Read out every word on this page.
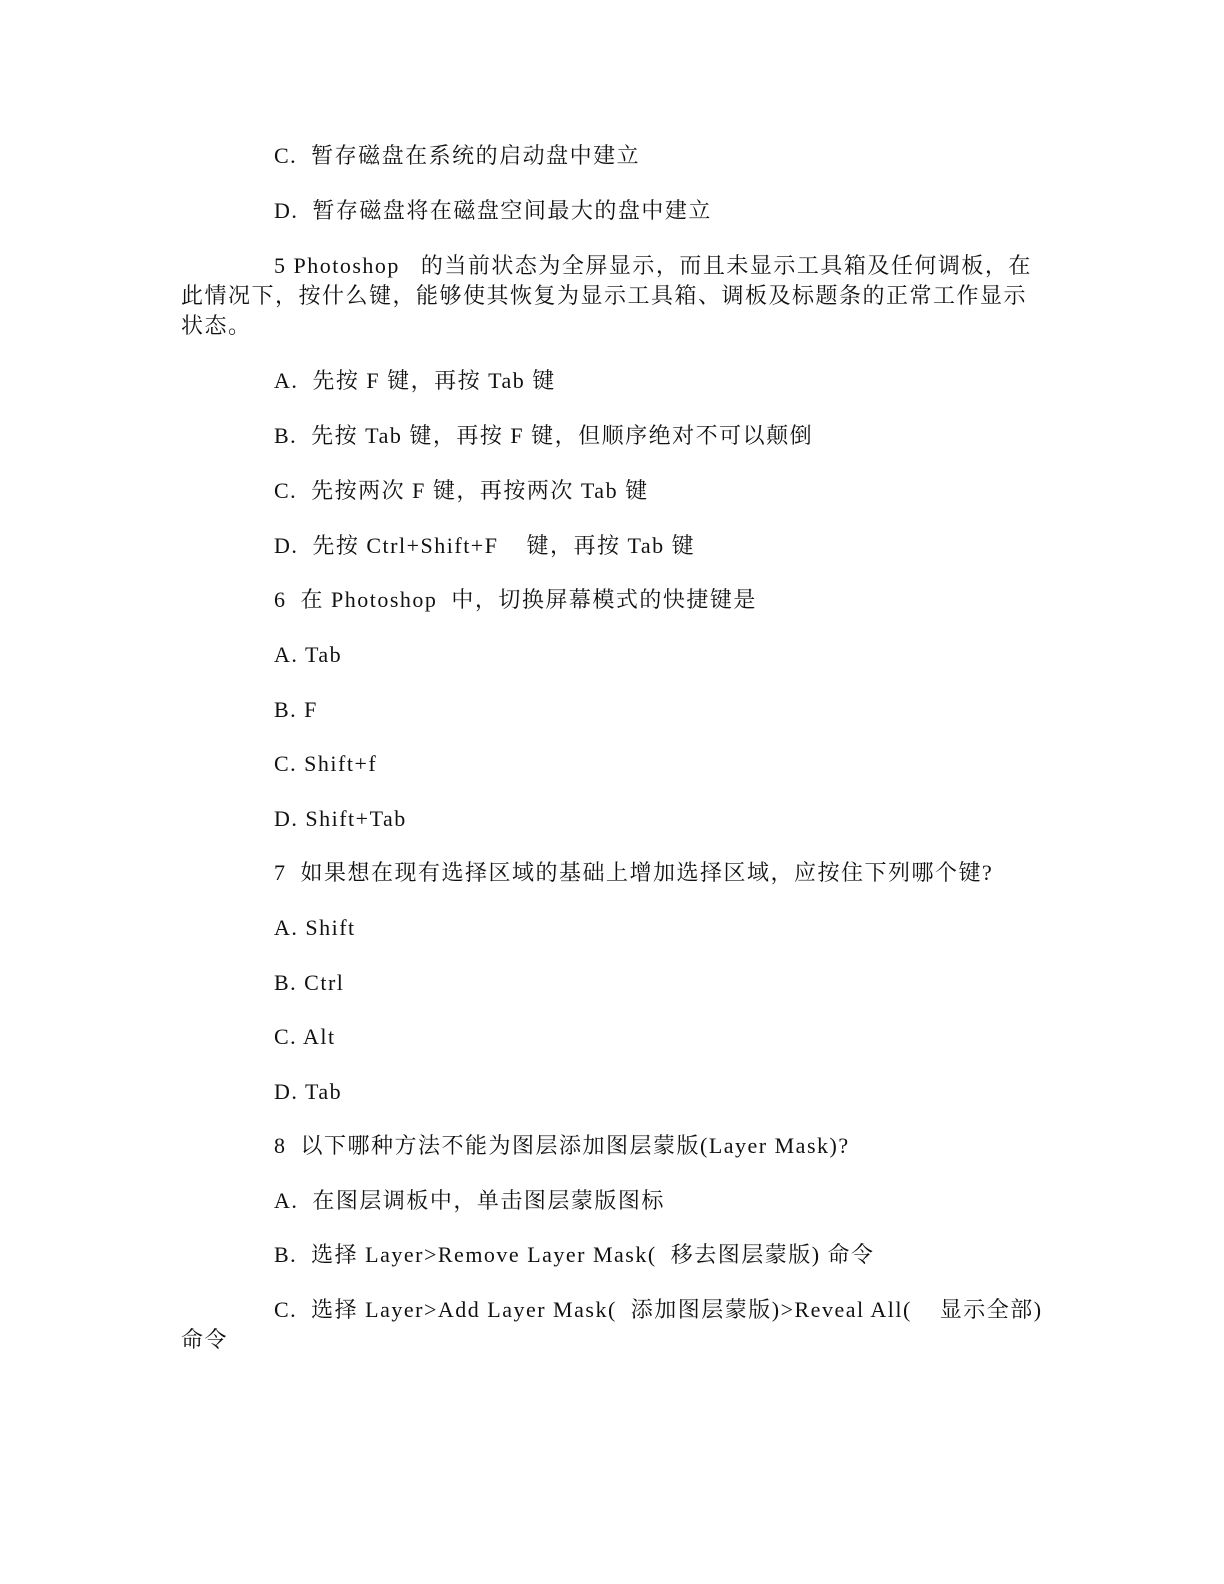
C.  暂存磁盘在系统的启动盘中建立
D.  暂存磁盘将在磁盘空间最大的盘中建立
5 Photoshop   的当前状态为全屏显示，而且未显示工具箱及任何调板，在
此情况下，按什么键，能够使其恢复为显示工具箱、调板及标题条的正常工作显示
状态。
A.  先按 F 键，再按 Tab 键
B.  先按 Tab 键，再按 F 键，但顺序绝对不可以颠倒
C.  先按两次 F 键，再按两次 Tab 键
D.  先按 Ctrl+Shift+F    键，再按 Tab 键
6  在 Photoshop  中，切换屏幕模式的快捷键是
A. Tab
B. F
C. Shift+f
D. Shift+Tab
7  如果想在现有选择区域的基础上增加选择区域，应按住下列哪个键?
A. Shift
B. Ctrl
C. Alt
D. Tab
8  以下哪种方法不能为图层添加图层蒙版(Layer Mask)?
A.  在图层调板中，单击图层蒙版图标
B.  选择 Layer>Remove Layer Mask(  移去图层蒙版) 命令
C.  选择 Layer>Add Layer Mask(  添加图层蒙版)>Reveal All(    显示全部)
命令
